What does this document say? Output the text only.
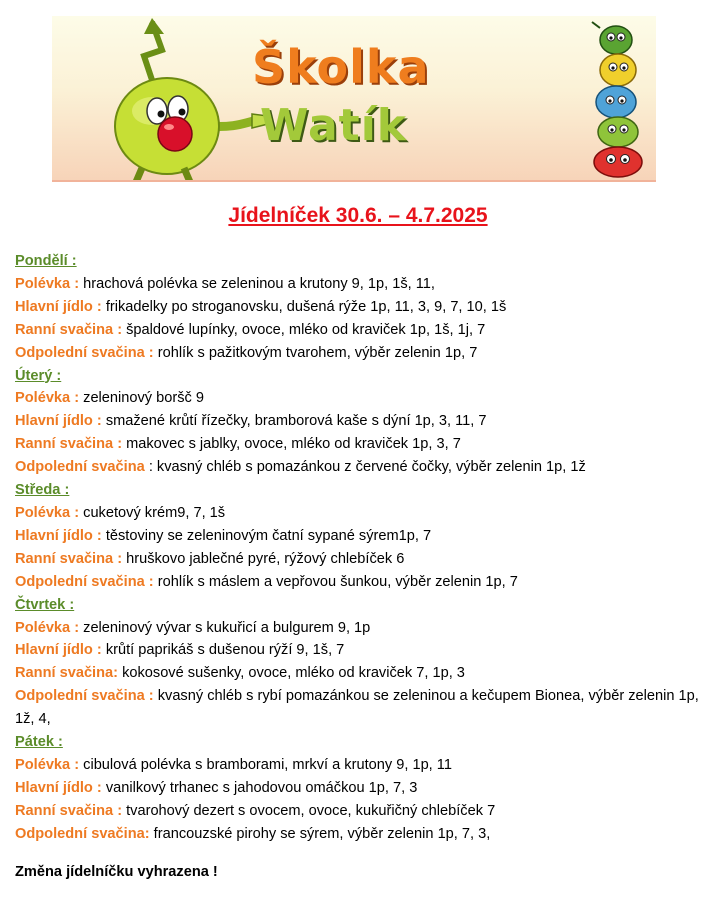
Školka
Watík
Jídelníček 30.6. – 4.7.2025
Pondělí :
Polévka : hrachová polévka se zeleninou a krutony 9, 1p, 1š, 11,
Hlavní jídlo : frikadelky po stroganovsku, dušená rýže 1p, 11, 3, 9, 7, 10, 1š
Ranní svačina : špaldové lupínky, ovoce, mléko od kraviček 1p, 1š, 1j, 7
Odpolední svačina : rohlík s pažitkovým tvarohem, výběr zelenin 1p, 7
Úterý :
Polévka : zeleninový boršč 9
Hlavní jídlo : smažené krůtí řízečky, bramborová kaše s dýní 1p, 3, 11, 7
Ranní svačina : makovec s jablky, ovoce, mléko od kraviček 1p, 3, 7
Odpolední svačina : kvasný chléb s pomazánkou z červené čočky, výběr zelenin 1p, 1ž
Středa :
Polévka : cuketový krém9, 7, 1š
Hlavní jídlo : těstoviny se zeleninovým čatní sypané sýrem1p, 7
Ranní svačina : hruškovo jablečné pyré, rýžový chlebíček 6
Odpolední svačina : rohlík s máslem a vepřovou šunkou, výběr zelenin 1p, 7
Čtvrtek :
Polévka : zeleninový vývar s kukuřicí a bulgurem 9, 1p
Hlavní jídlo : krůtí paprikáš s dušenou rýží 9, 1š, 7
Ranní svačina: kokosové sušenky, ovoce, mléko od kraviček 7, 1p, 3
Odpolední svačina : kvasný chléb s rybí pomazánkou se zeleninou a kečupem Bionea, výběr zelenin 1p, 1ž, 4,
Pátek :
Polévka : cibulová polévka s bramborami, mrkví a krutony 9, 1p, 11
Hlavní jídlo : vanilkový trhanec s jahodovou omáčkou 1p, 7, 3
Ranní svačina : tvarohový dezert s ovocem, ovoce, kukuřičný chlebíček 7
Odpolední svačina: francouzské pirohy se sýrem, výběr zelenin 1p, 7, 3,
Změna jídelníčku vyhrazena !
